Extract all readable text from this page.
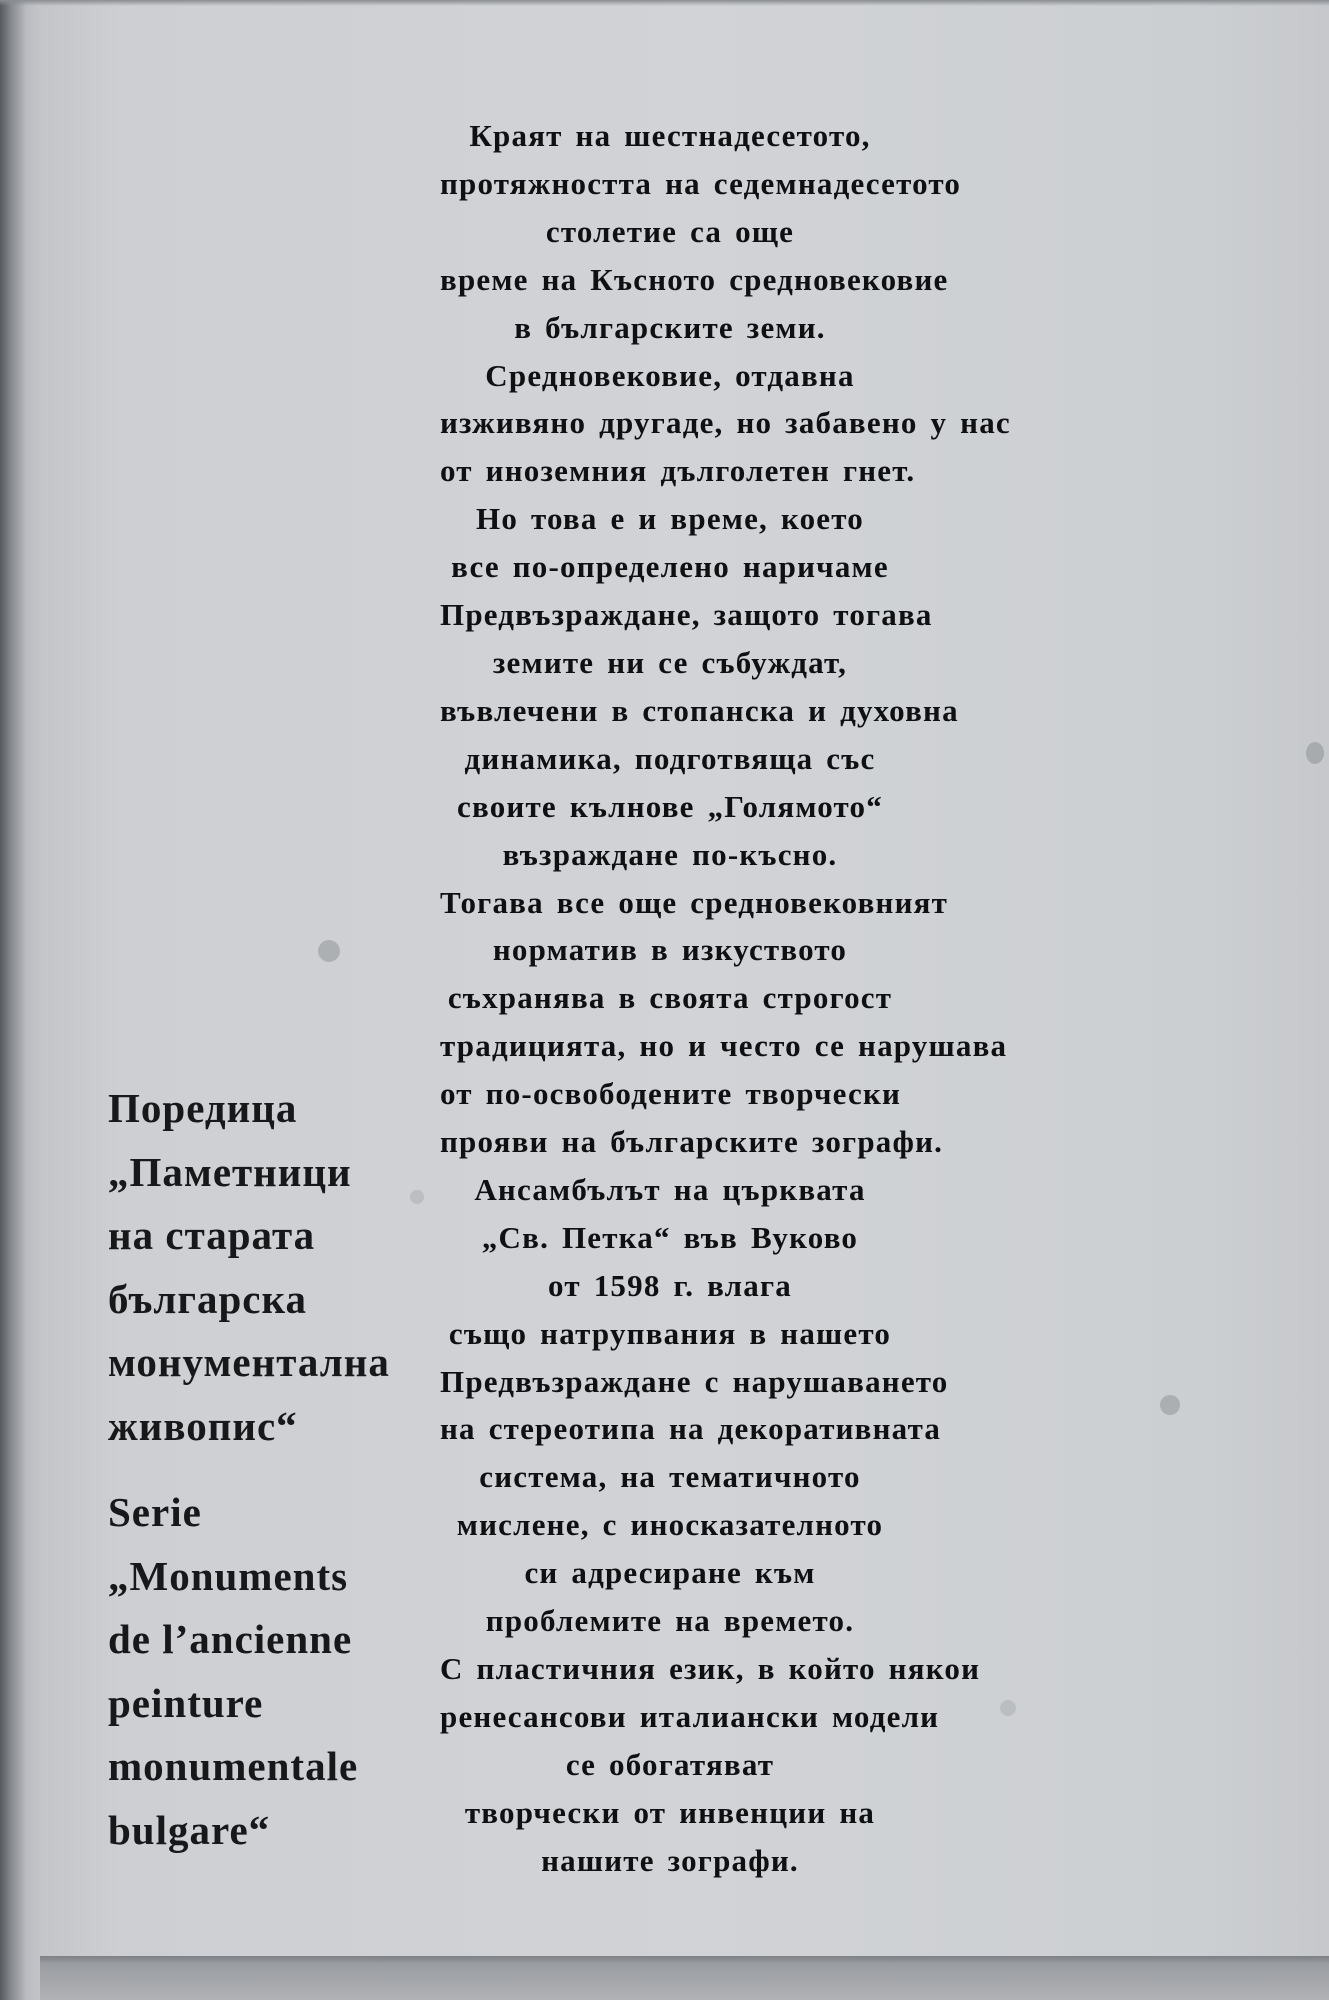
Краят на шестнадесетото,
протяжността на седемнадесетото
столетие са още
време на Късното средновековие
в българските земи.
Средновековие, отдавна
изживяно другаде, но забавено у нас
от иноземния дълголетен гнет.
Но това е и време, което
все по-определено наричаме
Предвъзраждане, защото тогава
земите ни се събуждат,
въвлечени в стопанска и духовна
динамика, подготвяща със
своите кълнове „Голямото“
възраждане по-късно.
Тогава все още средновековният
норматив в изкуството
съхранява в своята строгост
традицията, но и често се нарушава
от по-освободените творчески
прояви на българските зографи.
Ансамбълът на църквата
„Св. Петка“ във Вуково
от 1598 г. влага
също натрупвания в нашето
Предвъзраждане с нарушаването
на стереотипа на декоративната
система, на тематичното
мислене, с иносказателното
си адресиране към
проблемите на времето.
С пластичния език, в който някои
ренесансови италиански модели
се обогатяват
творчески от инвенции на
нашите зографи.
Поредица
„Паметници
на старата
българска
монументална
живопис“
Serie
„Monuments
de l’ancienne
peinture
monumentale
bulgare“
